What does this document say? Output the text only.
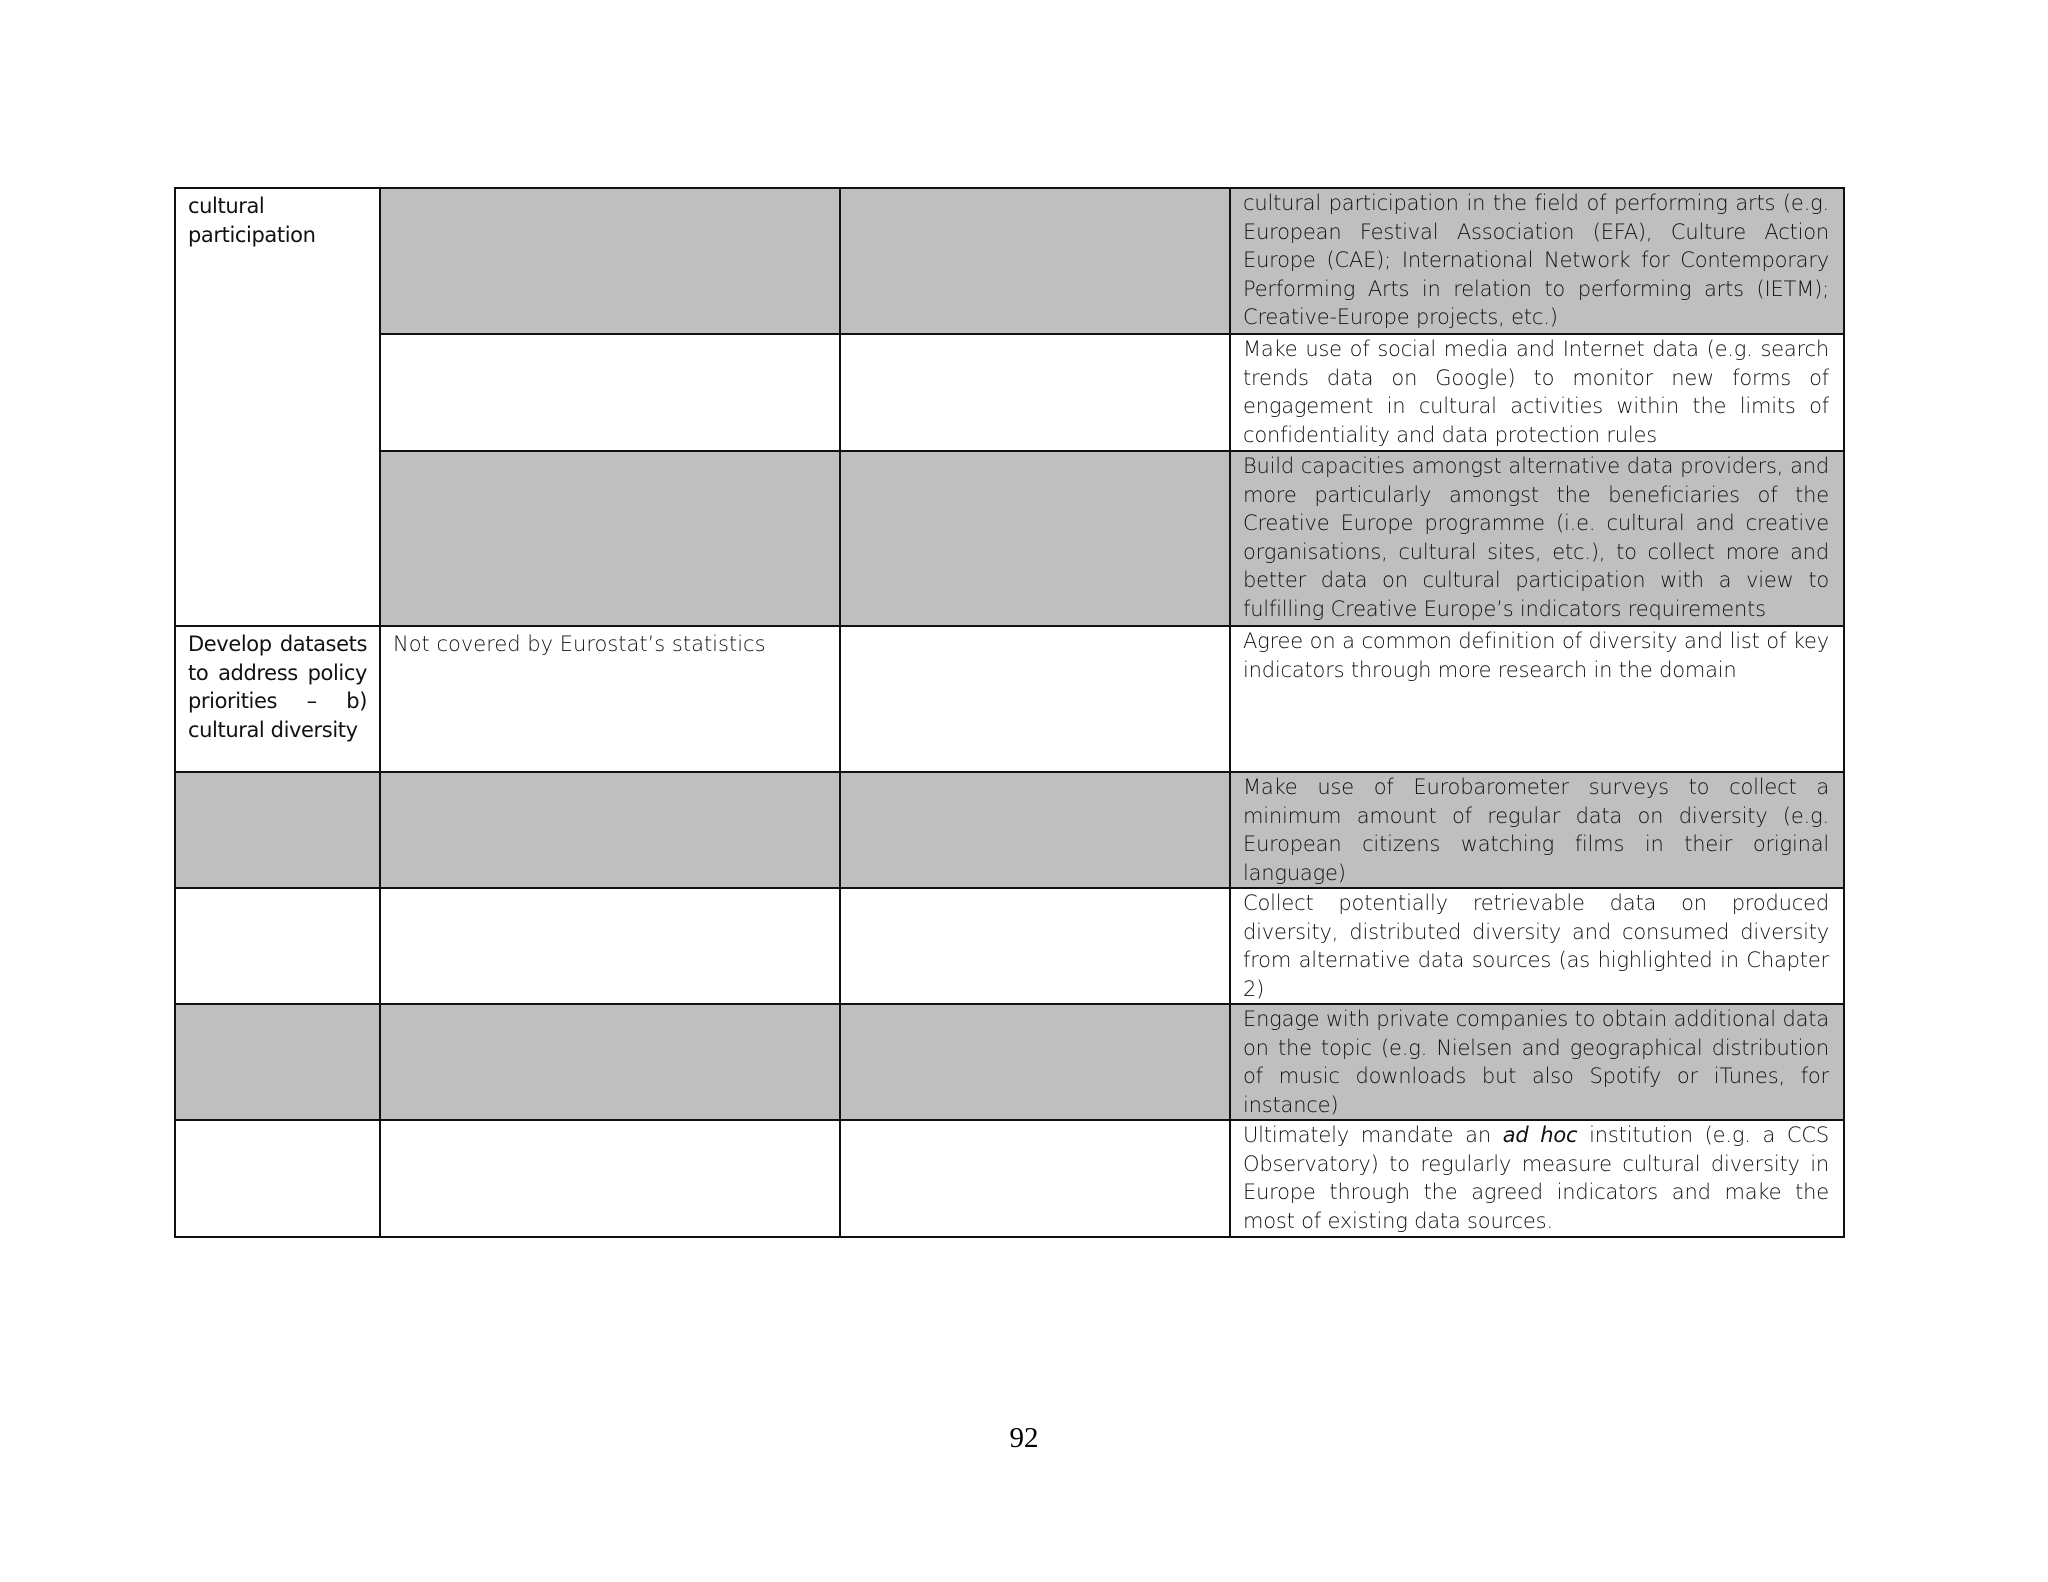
cultural participation			cultural participation in the field of performing arts (e.g. European Festival Association (EFA), Culture Action Europe (CAE); International Network for Contemporary Performing Arts in relation to performing arts (IETM); Creative-Europe projects, etc.)

			Make use of social media and Internet data (e.g. search trends data on Google) to monitor new forms of engagement in cultural activities within the limits of confidentiality and data protection rules

			Build capacities amongst alternative data providers, and more particularly amongst the beneficiaries of the Creative Europe programme (i.e. cultural and creative organisations, cultural sites, etc.), to collect more and better data on cultural participation with a view to fulfilling Creative Europe’s indicators requirements

Develop datasets to address policy priorities – b) cultural diversity	Not covered by Eurostat’s statistics		Agree on a common definition of diversity and list of key indicators through more research in the domain

			Make use of Eurobarometer surveys to collect a minimum amount of regular data on diversity (e.g. European citizens watching films in their original language)

			Collect potentially retrievable data on produced diversity, distributed diversity and consumed diversity from alternative data sources (as highlighted in Chapter 2)

			Engage with private companies to obtain additional data on the topic (e.g. Nielsen and geographical distribution of music downloads but also Spotify or iTunes, for instance)

			Ultimately mandate an ad hoc institution (e.g. a CCS Observatory) to regularly measure cultural diversity in Europe through the agreed indicators and make the most of existing data sources.
92
